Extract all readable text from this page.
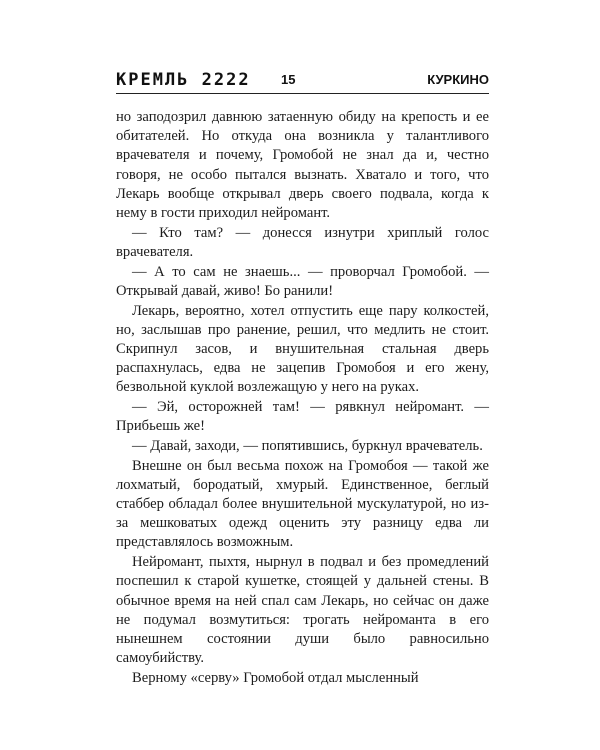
КРЕМЛЬ 2222 15	КУРКИНО

но заподозрил давнюю затаенную обиду на крепость и ее обитателей. Но откуда она возникла у талантливого врачевателя и почему, Громобой не знал да и, честно говоря, не особо пытался вызнать. Хватало и того, что Лекарь вообще открывал дверь своего подвала, когда к нему в гости приходил нейромант.

— Кто там? — донесся изнутри хриплый голос врачевателя.

— А то сам не знаешь... — проворчал Громобой. — Открывай давай, живо! Бо ранили!

Лекарь, вероятно, хотел отпустить еще пару колкостей, но, заслышав про ранение, решил, что медлить не стоит. Скрипнул засов, и внушительная стальная дверь распахнулась, едва не зацепив Громобоя и его жену, безвольной куклой возлежащую у него на руках.

— Эй, осторожней там! — рявкнул нейромант. — Прибьешь же!

— Давай, заходи, — попятившись, буркнул врачеватель.

Внешне он был весьма похож на Громобоя — такой же лохматый, бородатый, хмурый. Единственное, беглый стаббер обладал более внушительной мускулатурой, но из-за мешковатых одежд оценить эту разницу едва ли представлялось возможным.

Нейромант, пыхтя, нырнул в подвал и без промедлений поспешил к старой кушетке, стоящей у дальней стены. В обычное время на ней спал сам Лекарь, но сейчас он даже не подумал возмутиться: трогать нейроманта в его нынешнем состоянии души было равносильно самоубийству.

Верному «серву» Громобой отдал мысленный
